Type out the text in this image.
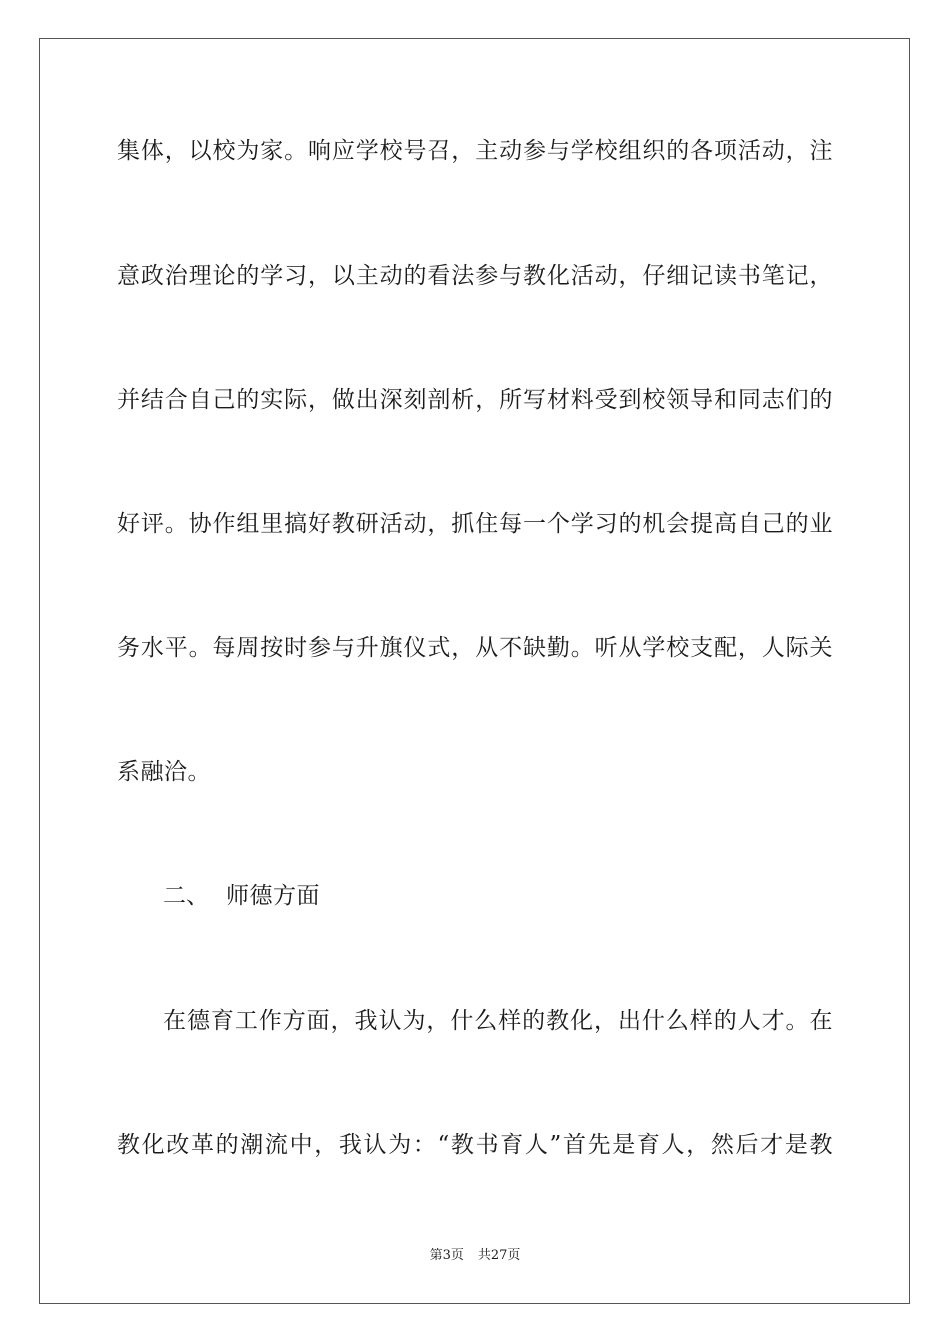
集体，以校为家。响应学校号召，主动参与学校组织的各项活动，注
意政治理论的学习，以主动的看法参与教化活动，仔细记读书笔记，
并结合自己的实际，做出深刻剖析，所写材料受到校领导和同志们的
好评。协作组里搞好教研活动，抓住每一个学习的机会提高自己的业
务水平。每周按时参与升旗仪式，从不缺勤。听从学校支配，人际关
系融洽。
二、 师德方面
在德育工作方面，我认为，什么样的教化，出什么样的人才。在
教化改革的潮流中，我认为：“教书育人”首先是育人，然后才是教
第3页 共27页
